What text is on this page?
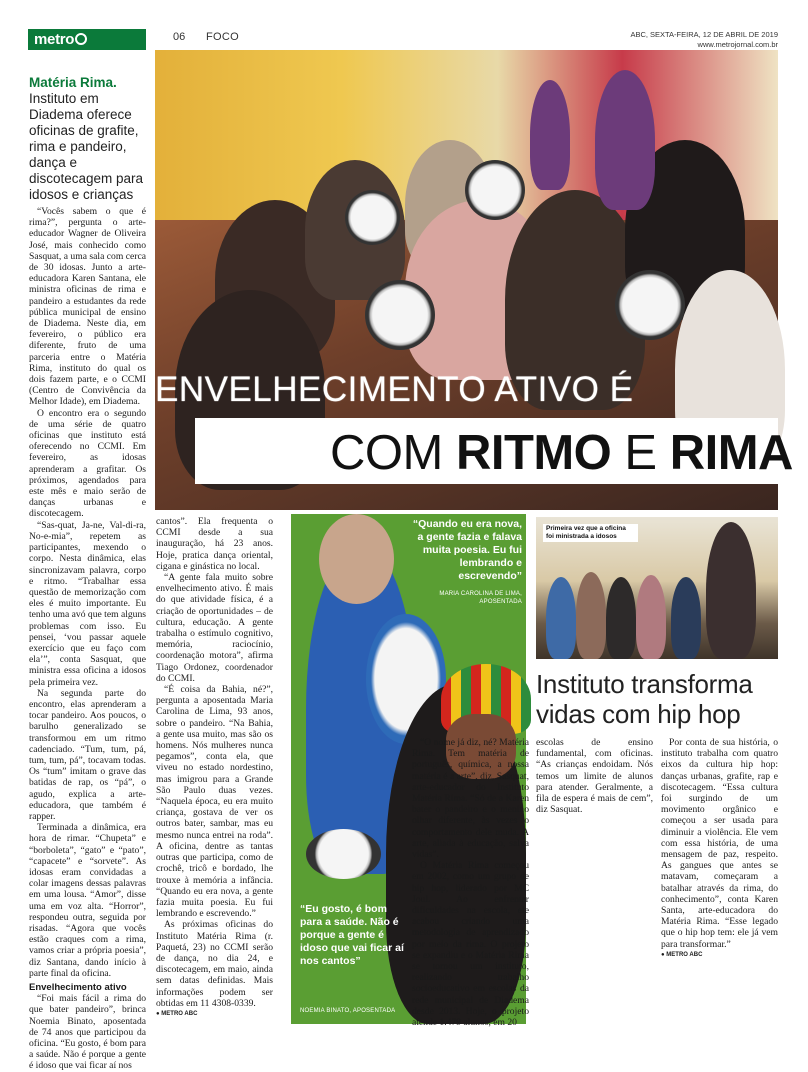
metro	06 FOCO	ABC, SEXTA-FEIRA, 12 DE ABRIL DE 2019
www.metrojornal.com.br
ENVELHECIMENTO ATIVO É
COM RITMO E RIMA
Matéria Rima.
Instituto em Diadema oferece oficinas de grafite, rima e pandeiro, dança e discotecagem para idosos e crianças

“Vocês sabem o que é rima?”, pergunta o arte-educador Wagner de Oliveira José, mais conhecido como Sasquat, a uma sala com cerca de 30 idosas. Junto a arte-educadora Karen Santana, ele ministra oficinas de rima e pandeiro a estudantes da rede pública municipal de ensino de Diadema. Neste dia, em fevereiro, o público era diferente, fruto de uma parceria entre o Matéria Rima, instituto do qual os dois fazem parte, e o CCMI (Centro de Convivência da Melhor Idade), em Diadema.

O encontro era o segundo de uma série de quatro oficinas que instituto está oferecendo no CCMI. Em fevereiro, as idosas aprenderam a grafitar. Os próximos, agendados para este mês e maio serão de danças urbanas e discotecagem.

“Sas-quat, Ja-ne, Val-di-ra, No-e-mia”, repetem as participantes, mexendo o corpo. Nesta dinâmica, elas sincronizavam palavra, corpo e ritmo. “Trabalhar essa questão de memorização com eles é muito importante. Eu tenho uma avó que tem alguns problemas com isso. Eu pensei, ‘vou passar aquele exercício que eu faço com ela’”, conta Sasquat, que ministra essa oficina a idosos pela primeira vez.

Na segunda parte do encontro, elas aprenderam a tocar pandeiro. Aos poucos, o barulho generalizado se transformou em um ritmo cadenciado. “Tum, tum, pá, tum, tum, pá”, tocavam todas. Os “tum” imitam o grave das batidas de rap, os “pá”, o agudo, explica a arte-educadora, que também é rapper.

Terminada a dinâmica, era hora de rimar. “Chupeta” e “borboleta”, “gato” e “pato”, “capacete” e “sorvete”. As idosas eram convidadas a colar imagens dessas palavras em uma lousa. “Amor”, disse uma em voz alta. “Horror”, respondeu outra, seguida por risadas. “Agora que vocês estão craques com a rima, vamos criar a própria poesia”, diz Santana, dando início à parte final da oficina.

Envelhecimento ativo

“Foi mais fácil a rima do que bater pandeiro”, brinca Noemia Binato, aposentada de 74 anos que participou da oficina. “Eu gosto, é bom para a saúde. Não é porque a gente é idoso que vai ficar aí nos

cantos”. Ela frequenta o CCMI desde a sua inauguração, há 23 anos. Hoje, pratica dança oriental, cigana e ginástica no local.

“A gente fala muito sobre envelhecimento ativo. É mais do que atividade física, é a criação de oportunidades – de cultura, educação. A gente trabalha o estímulo cognitivo, memória, raciocínio, coordenação motora”, afirma Tiago Ordonez, coordenador do CCMI.

“É coisa da Bahia, né?”, pergunta a aposentada Maria Carolina de Lima, 93 anos, sobre o pandeiro. “Na Bahia, a gente usa muito, mas são os homens. Nós mulheres nunca pegamos”, conta ela, que viveu no estado nordestino, mas imigrou para a Grande São Paulo duas vezes. “Naquela época, eu era muito criança, gostava de ver os outros bater, sambar, mas eu mesmo nunca entrei na roda”. A oficina, dentre as tantas outras que participa, como de crochê, tricô e bordado, lhe trouxe à memória a infância. “Quando eu era nova, a gente fazia muita poesia. Eu fui lembrando e escrevendo.”

As próximas oficinas do Instituto Matéria Rima (r. Paquetá, 23) no CCMI serão de dança, no dia 24, e discotecagem, em maio, ainda sem datas definidas. Mais informações podem ser obtidas em 11 4308-0339.

● METRO ABC

“Quando eu era nova, a gente fazia e falava muita poesia. Eu fui lembrando e escrevendo”
MARIA CAROLINA DE LIMA, APOSENTADA
“Eu gosto, é bom para a saúde. Não é porque a gente é idoso que vai ficar aí nos cantos”
NOEMIA BINATO, APOSENTADA
Primeira vez que a oficina foi ministrada a idosos
Instituto transforma vidas com hip hop

“O nome já diz, né? Matéria Rima. Tem matéria de português, química, a nossa matéria é a arte”, diz, Sasquat, arte-educador do Instituto Matéria Rima. “Só de a Karen bater o pandeiro e o menino olhar diferente, às vezes o comportamento dele muda. A arte, aliada à educação, salva vidas”.

O Matéria Rima começou em 2002, como um grupo de hip hop, liderado por MC Joul. Ao enfrentar dificuldades na escola, ele acabou criando uma metodologia de aprendizado por meio da rima. O projeto se expandiu e o Matéria Rima se tornou um instituto, realizando trabalho socioeducativo em escolas da rede municipal de Diadema desde 2013. Hoje, o projeto atende 1.479 alunos, em 20

escolas de ensino fundamental, com oficinas. “As crianças endoidam. Nós temos um limite de alunos para atender. Geralmente, a fila de espera é mais de cem”, diz Sasquat.

Por conta de sua história, o instituto trabalha com quatro eixos da cultura hip hop: danças urbanas, grafite, rap e discotecagem. “Essa cultura foi surgindo de um movimento orgânico e começou a ser usada para diminuir a violência. Ele vem com essa história, de uma mensagem de paz, respeito. As gangues que antes se matavam, começaram a batalhar através da rima, do conhecimento”, conta Karen Santa, arte-educadora do Matéria Rima. “Esse legado que o hip hop tem: ele já vem para transformar.”

● METRO ABC
